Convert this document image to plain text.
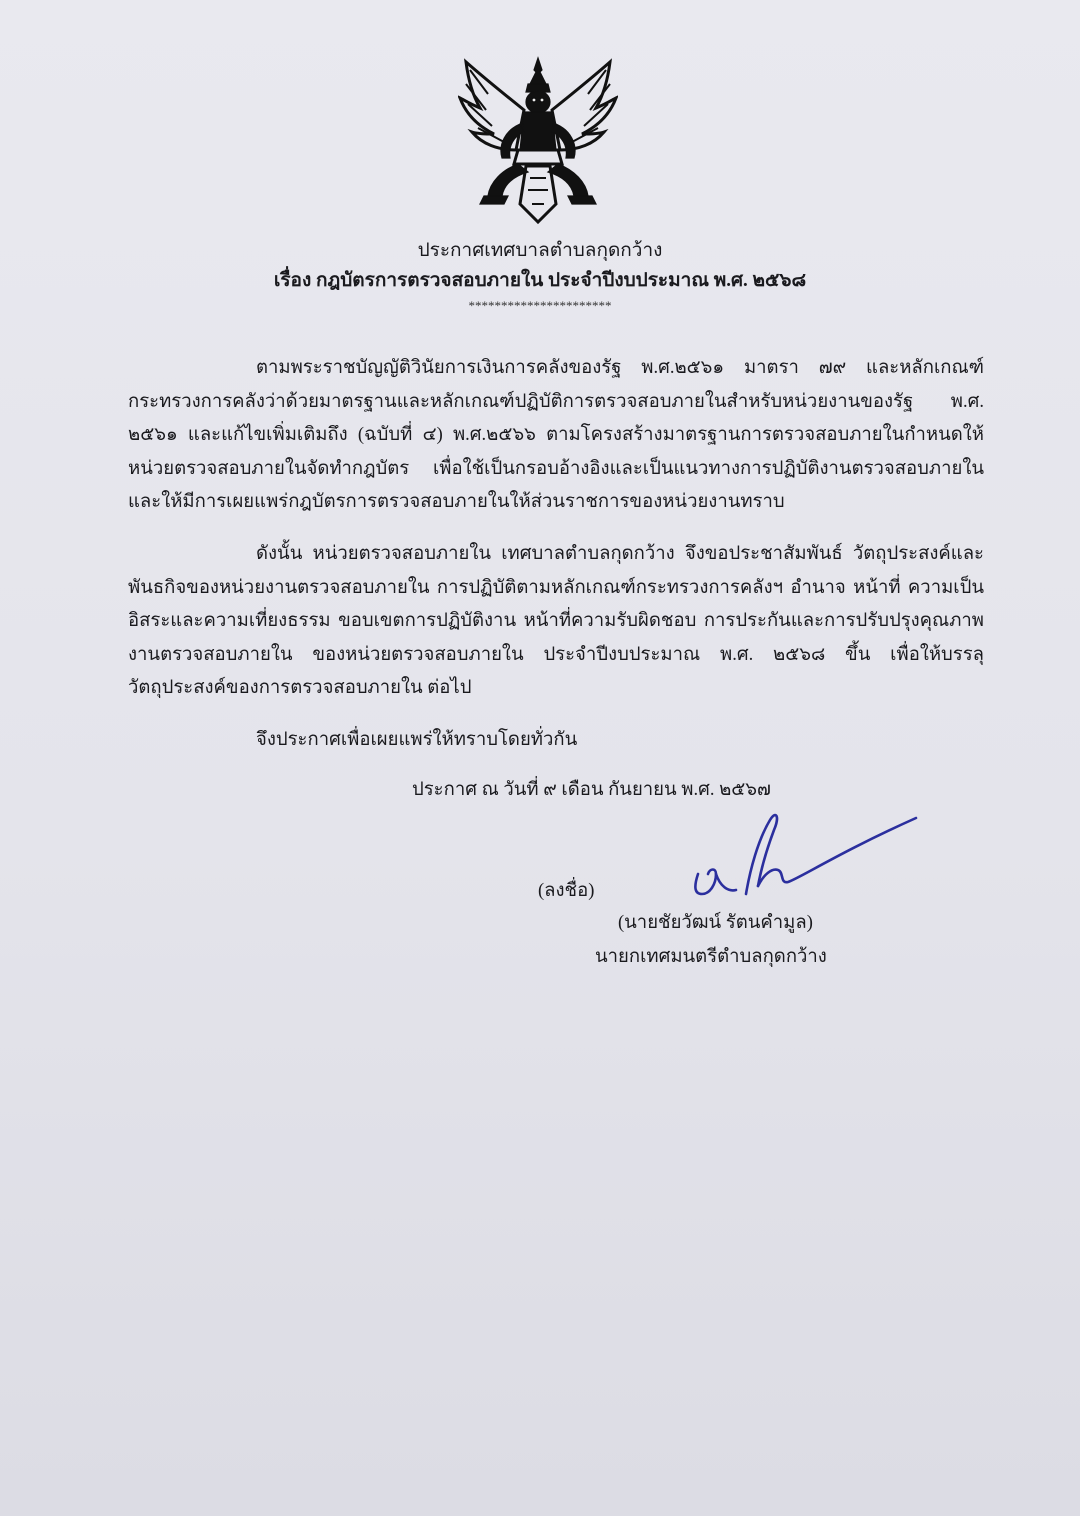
ประกาศเทศบาลตำบลกุดกว้าง
เรื่อง กฎบัตรการตรวจสอบภายใน ประจำปีงบประมาณ พ.ศ. ๒๕๖๘
**********************

ตามพระราชบัญญัติวินัยการเงินการคลังของรัฐ พ.ศ.๒๕๖๑ มาตรา ๗๙ และหลักเกณฑ์กระทรวงการคลังว่าด้วยมาตรฐานและหลักเกณฑ์ปฏิบัติการตรวจสอบภายในสำหรับหน่วยงานของรัฐ พ.ศ. ๒๕๖๑ และแก้ไขเพิ่มเติมถึง (ฉบับที่ ๔) พ.ศ.๒๕๖๖ ตามโครงสร้างมาตรฐานการตรวจสอบภายในกำหนดให้หน่วยตรวจสอบภายในจัดทำกฎบัตร เพื่อใช้เป็นกรอบอ้างอิงและเป็นแนวทางการปฏิบัติงานตรวจสอบภายในและให้มีการเผยแพร่กฎบัตรการตรวจสอบภายในให้ส่วนราชการของหน่วยงานทราบ

ดังนั้น หน่วยตรวจสอบภายใน เทศบาลตำบลกุดกว้าง จึงขอประชาสัมพันธ์ วัตถุประสงค์และพันธกิจของหน่วยงานตรวจสอบภายใน การปฏิบัติตามหลักเกณฑ์กระทรวงการคลังฯ อำนาจ หน้าที่ ความเป็นอิสระและความเที่ยงธรรม ขอบเขตการปฏิบัติงาน หน้าที่ความรับผิดชอบ การประกันและการปรับปรุงคุณภาพงานตรวจสอบภายใน ของหน่วยตรวจสอบภายใน ประจำปีงบประมาณ พ.ศ. ๒๕๖๘ ขึ้น เพื่อให้บรรลุวัตถุประสงค์ของการตรวจสอบภายใน ต่อไป

จึงประกาศเพื่อเผยแพร่ให้ทราบโดยทั่วกัน
ประกาศ ณ วันที่ ๙ เดือน กันยายน พ.ศ. ๒๕๖๗
(ลงชื่อ)
(นายชัยวัฒน์ รัตนคำมูล)
นายกเทศมนตรีตำบลกุดกว้าง
